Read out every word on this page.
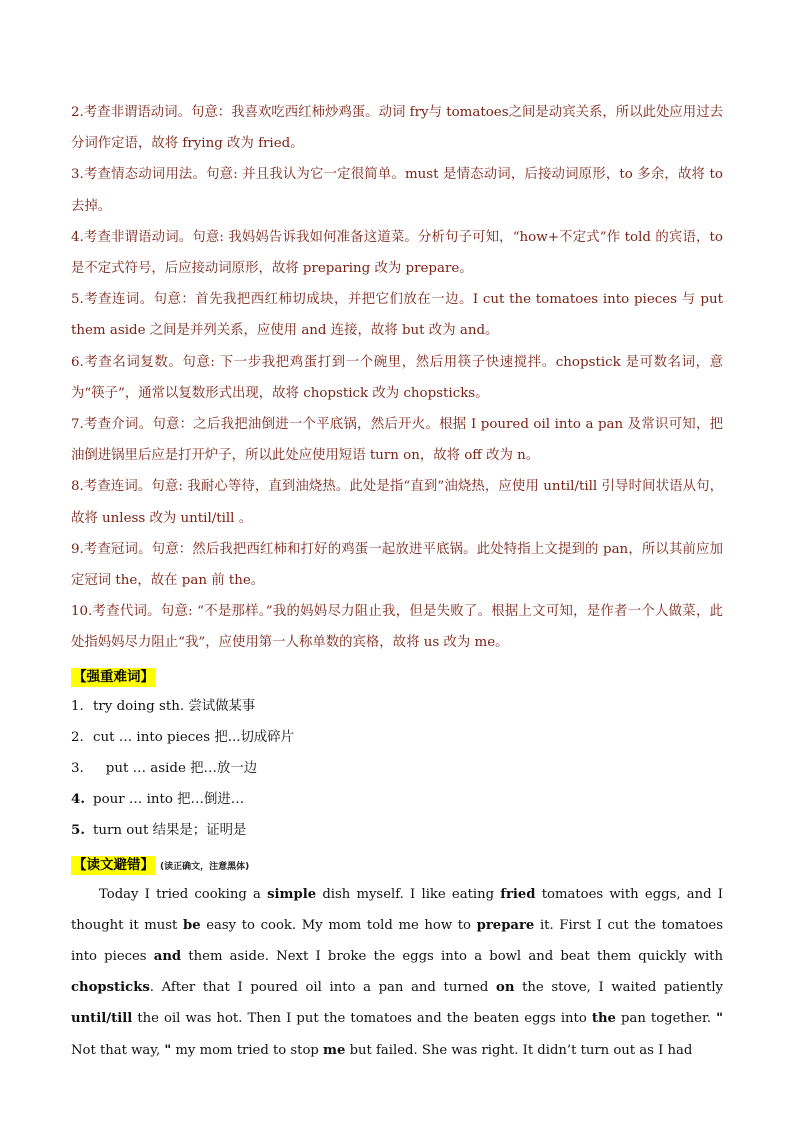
2.考查非谓语动词。句意：我喜欢吃西红柿炒鸡蛋。动词 fry与 tomatoes之间是动宾关系，所以此处应用过去分词作定语，故将 frying 改为 fried。

3.考查情态动词用法。句意: 并且我认为它一定很简单。must 是情态动词，后接动词原形，to 多余，故将 to 去掉。

4.考查非谓语动词。句意: 我妈妈告诉我如何准备这道菜。分析句子可知，“how+不定式”作 told 的宾语，to 是不定式符号，后应接动词原形，故将 preparing 改为 prepare。

5.考查连词。句意：首先我把西红柿切成块，并把它们放在一边。I cut the tomatoes into pieces 与 put them aside 之间是并列关系，应使用 and 连接，故将 but 改为 and。

6.考查名词复数。句意: 下一步我把鸡蛋打到一个碗里，然后用筷子快速搅拌。chopstick 是可数名词，意为“筷子”，通常以复数形式出现，故将 chopstick 改为 chopsticks。

7.考查介词。句意：之后我把油倒进一个平底锅，然后开火。根据 I poured oil into a pan 及常识可知，把油倒进锅里后应是打开炉子，所以此处应使用短语 turn on，故将 off 改为 n。

8.考查连词。句意: 我耐心等待，直到油烧热。此处是指“直到”油烧热，应使用 until/till 引导时间状语从句，故将 unless 改为 until/till 。

9.考查冠词。句意：然后我把西红柿和打好的鸡蛋一起放进平底锅。此处特指上文提到的 pan，所以其前应加定冠词 the，故在 pan 前 the。

10.考查代词。句意: “不是那样。”我的妈妈尽力阻止我，但是失败了。根据上文可知，是作者一个人做菜，此处指妈妈尽力阻止“我”，应使用第一人称单数的宾格，故将 us 改为 me。

【强重难词】

1. try doing sth. 尝试做某事

2. cut … into pieces 把...切成碎片

3.   put … aside 把…放一边

4. pour … into 把…倒进…

5. turn out 结果是；证明是

【读文避错】 (读正确文，注意黑体)

Today I tried cooking a simple dish myself. I like eating fried tomatoes with eggs, and I thought it must be easy to cook. My mom told me how to prepare it. First I cut the tomatoes into pieces and them aside. Next I broke the eggs into a bowl and beat them quickly with chopsticks. After that I poured oil into a pan and turned on the stove, I waited patiently until/till the oil was hot. Then I put the tomatoes and the beaten eggs into the pan together. " Not that way, " my mom tried to stop me but failed. She was right. It didn’t turn out as I had
